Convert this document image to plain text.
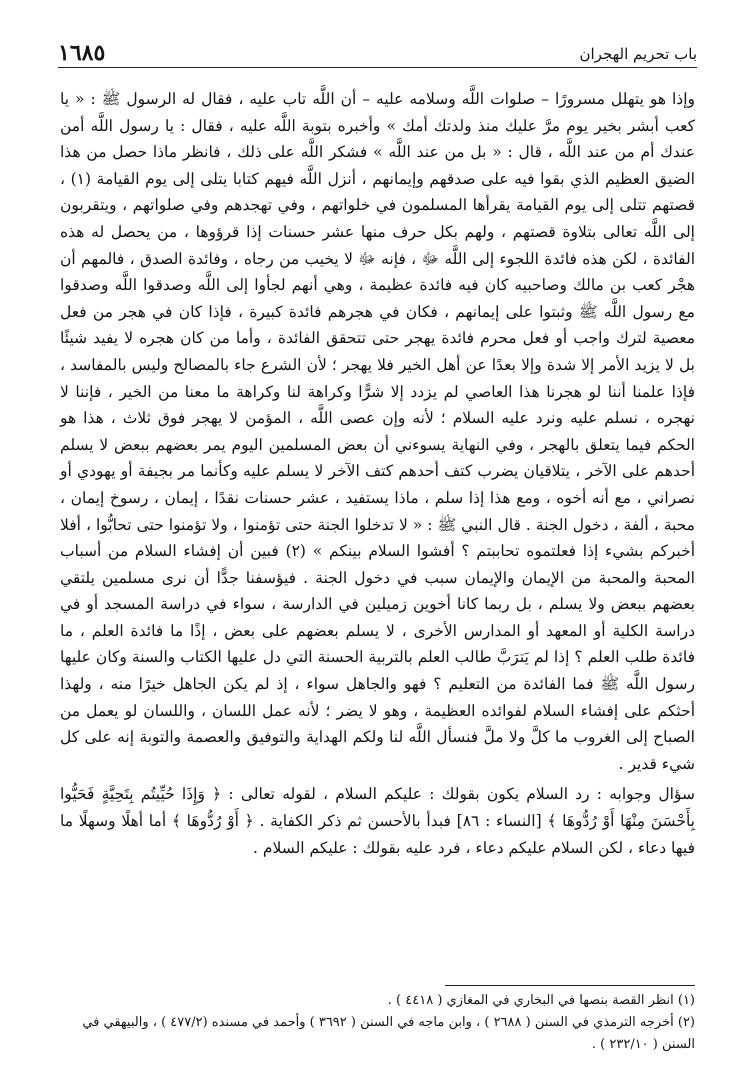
باب تحريم الهجران
١٦٨٥

وإذا هو يتهلل مسرورًا – صلوات اللَّه وسلامه عليه – أن اللَّه تاب عليه ، فقال له الرسول ﷺ : « يا كعب أبشر بخير يوم مرَّ عليك منذ ولدتك أمك » وأخبره بتوبة اللَّه عليه ، فقال : يا رسول اللَّه أمن عندك أم من عند اللَّه ، قال : « بل من عند اللَّه » فشكر اللَّه على ذلك ، فانظر ماذا حصل من هذا الضيق العظيم الذي بقوا فيه على صدقهم وإيمانهم ، أنزل اللَّه فيهم كتابا يتلى إلى يوم القيامة (١) ، قصتهم تتلى إلى يوم القيامة يقرأها المسلمون في خلواتهم ، وفي تهجدهم وفي صلواتهم ، ويتقربون إلى اللَّه تعالى بتلاوة قصتهم ، ولهم بكل حرف منها عشر حسنات إذا قرؤوها ، من يحصل له هذه الفائدة ، لكن هذه فائدة اللجوء إلى اللَّه ﷻ ، فإنه ﷻ لا يخيب من رجاه ، وفائدة الصدق ، فالمهم أن هجْر كعب بن مالك وصاحبيه كان فيه فائدة عظيمة ، وهي أنهم لجأوا إلى اللَّه وصدقوا اللَّه وصدقوا مع رسول اللَّه ﷺ وثبتوا على إيمانهم ، فكان في هجرهم فائدة كبيرة ، فإذا كان في هجر من فعل معصية لترك واجب أو فعل محرم فائدة يهجر حتى تتحقق الفائدة ، وأما من كان هجره لا يفيد شيئًا بل لا يزيد الأمر إلا شدة وإلا بعدًا عن أهل الخير فلا يهجر ؛ لأن الشرع جاء بالمصالح وليس بالمفاسد ، فإذا علمنا أننا لو هجرنا هذا العاصي لم يزدد إلا شرًّا وكراهة لنا وكراهة ما معنا من الخير ، فإننا لا نهجره ، نسلم عليه ونرد عليه السلام ؛ لأنه وإن عصى اللَّه ، المؤمن لا يهجر فوق ثلاث ، هذا هو الحكم فيما يتعلق بالهجر ، وفي النهاية يسوءني أن بعض المسلمين اليوم يمر بعضهم ببعض لا يسلم أحدهم على الآخر ، يتلاقيان يضرب كتف أحدهم كتف الآخر لا يسلم عليه وكأنما مر بجيفة أو يهودي أو نصراني ، مع أنه أخوه ، ومع هذا إذا سلم ، ماذا يستفيد ، عشر حسنات نقدًا ، إيمان ، رسوخ إيمان ، محبة ، ألفة ، دخول الجنة . قال النبي ﷺ : « لا تدخلوا الجنة حتى تؤمنوا ، ولا تؤمنوا حتى تحابُّوا ، أفلا أخبركم بشيء إذا فعلتموه تحاببتم ؟ أفشوا السلام بينكم » (٢) فبين أن إفشاء السلام من أسباب المحبة والمحبة من الإيمان والإيمان سبب في دخول الجنة . فيؤسفنا جدًّا أن نرى مسلمين يلتقي بعضهم ببعض ولا يسلم ، بل ربما كانا أخوين زميلين في الدارسة ، سواء في دراسة المسجد أو في دراسة الكلية أو المعهد أو المدارس الأخرى ، لا يسلم بعضهم على بعض ، إذًا ما فائدة العلم ، ما فائدة طلب العلم ؟ إذا لم يَترَبَّ طالب العلم بالتربية الحسنة التي دل عليها الكتاب والسنة وكان عليها رسول اللَّه ﷺ فما الفائدة من التعليم ؟ فهو والجاهل سواء ، إذ لم يكن الجاهل خيرًا منه ، ولهذا أحثكم على إفشاء السلام لفوائده العظيمة ، وهو لا يضر ؛ لأنه عمل اللسان ، واللسان لو يعمل من الصباح إلى الغروب ما كلَّ ولا ملَّ فنسأل اللَّه لنا ولكم الهداية والتوفيق والعصمة والتوبة إنه على كل شيء قدير .

سؤال وجوابه : رد السلام يكون بقولك : عليكم السلام ، لقوله تعالى : ﴿ وَإِذَا حُيِّيتُم بِتَحِيَّةٍ فَحَيُّوا بِأَحْسَنَ مِنْهَا أَوْ رُدُّوهَا ﴾ [النساء : ٨٦] فبدأ بالأحسن ثم ذكر الكفاية . ﴿ أَوْ رُدُّوهَا ﴾ أما أهلًا وسهلًا ما فيها دعاء ، لكن السلام عليكم دعاء ، فرد عليه بقولك : عليكم السلام .

(١) انظر القصة بنصها في البخاري في المغازي ( ٤٤١٨ ) .

(٢) أخرجه الترمذي في السنن ( ٢٦٨٨ ) ، وابن ماجه في السنن ( ٣٦٩٢ ) وأحمد في مسنده (٤٧٧/٢ ) ، والبيهقي في السنن ( ٢٣٢/١٠ ) .
